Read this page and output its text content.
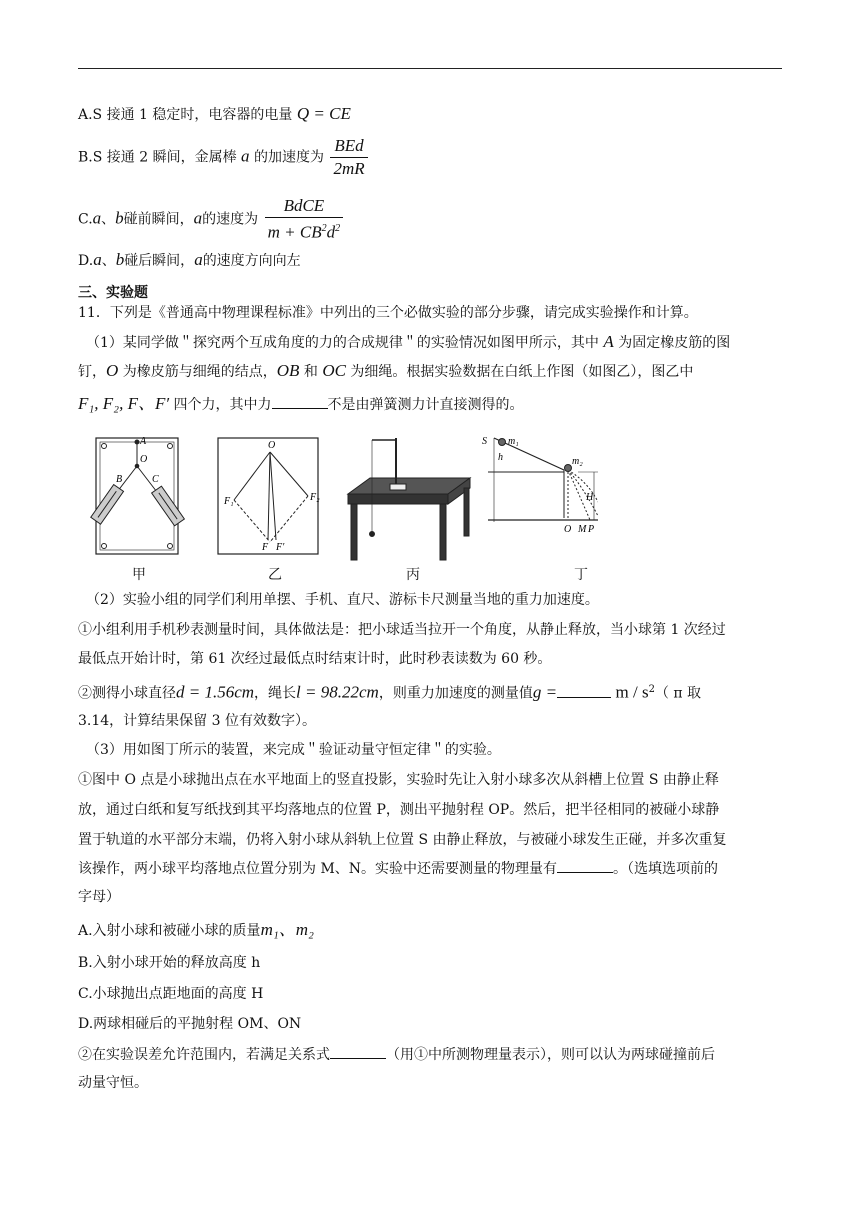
A.S 接通 1 稳定时，电容器的电量 Q = CE
B.S 接通 2 瞬间，金属棒 a 的加速度为 $\frac{\text{BEd}}{2mR}$
C.a、b碰前瞬间，a的速度为 $\frac{\text{BdCE}}{m + CB^2d^2}$
D.a、b碰后瞬间，a的速度方向向左
三、实验题
11．下列是《普通高中物理课程标准》中列出的三个必做实验的部分步骤，请完成实验操作和计算。
（1）某同学做＂探究两个互成角度的力的合成规律＂的实验情况如图甲所示，其中 A 为固定橡皮筋的图
钉，O 为橡皮筋与细绳的结点，OB 和 OC 为细绳。根据实验数据在白纸上作图（如图乙），图乙中
F₁, F₂, F、F′ 四个力，其中力	不是由弹簧测力计直接测得的。
A
O
B	C
O
F₁	F₂
F F′
S m₁
m₂
h
H
O M P
甲	乙	丙	丁
（2）实验小组的同学们利用单摆、手机、直尺、游标卡尺测量当地的重力加速度。
①小组利用手机秒表测量时间，具体做法是：把小球适当拉开一个角度，从静止释放，当小球第 1 次经过
最低点开始计时，第 61 次经过最低点时结束计时，此时秒表读数为 60 秒。
②测得小球直径d = 1.56cm，绳长l = 98.22cm，则重力加速度的测量值g =	m / $s^2$（ π 取
3.14，计算结果保留 3 位有效数字）。
（3）用如图丁所示的装置，来完成＂验证动量守恒定律＂的实验。
①图中 O 点是小球抛出点在水平地面上的竖直投影，实验时先让入射小球多次从斜槽上位置 S 由静止释
放，通过白纸和复写纸找到其平均落地点的位置 P，测出平抛射程 OP。然后，把半径相同的被碰小球静
置于轨道的水平部分末端，仍将入射小球从斜轨上位置 S 由静止释放，与被碰小球发生正碰，并多次重复
该操作，两小球平均落地点位置分别为 M、N。实验中还需要测量的物理量有	。（选填选项前的
字母）
A.入射小球和被碰小球的质量m₁、m₂
B.入射小球开始的释放高度 h
C.小球抛出点距地面的高度 H
D.两球相碰后的平抛射程 OM、ON
②在实验误差允许范围内，若满足关系式	（用①中所测物理量表示），则可以认为两球碰撞前后
动量守恒。
